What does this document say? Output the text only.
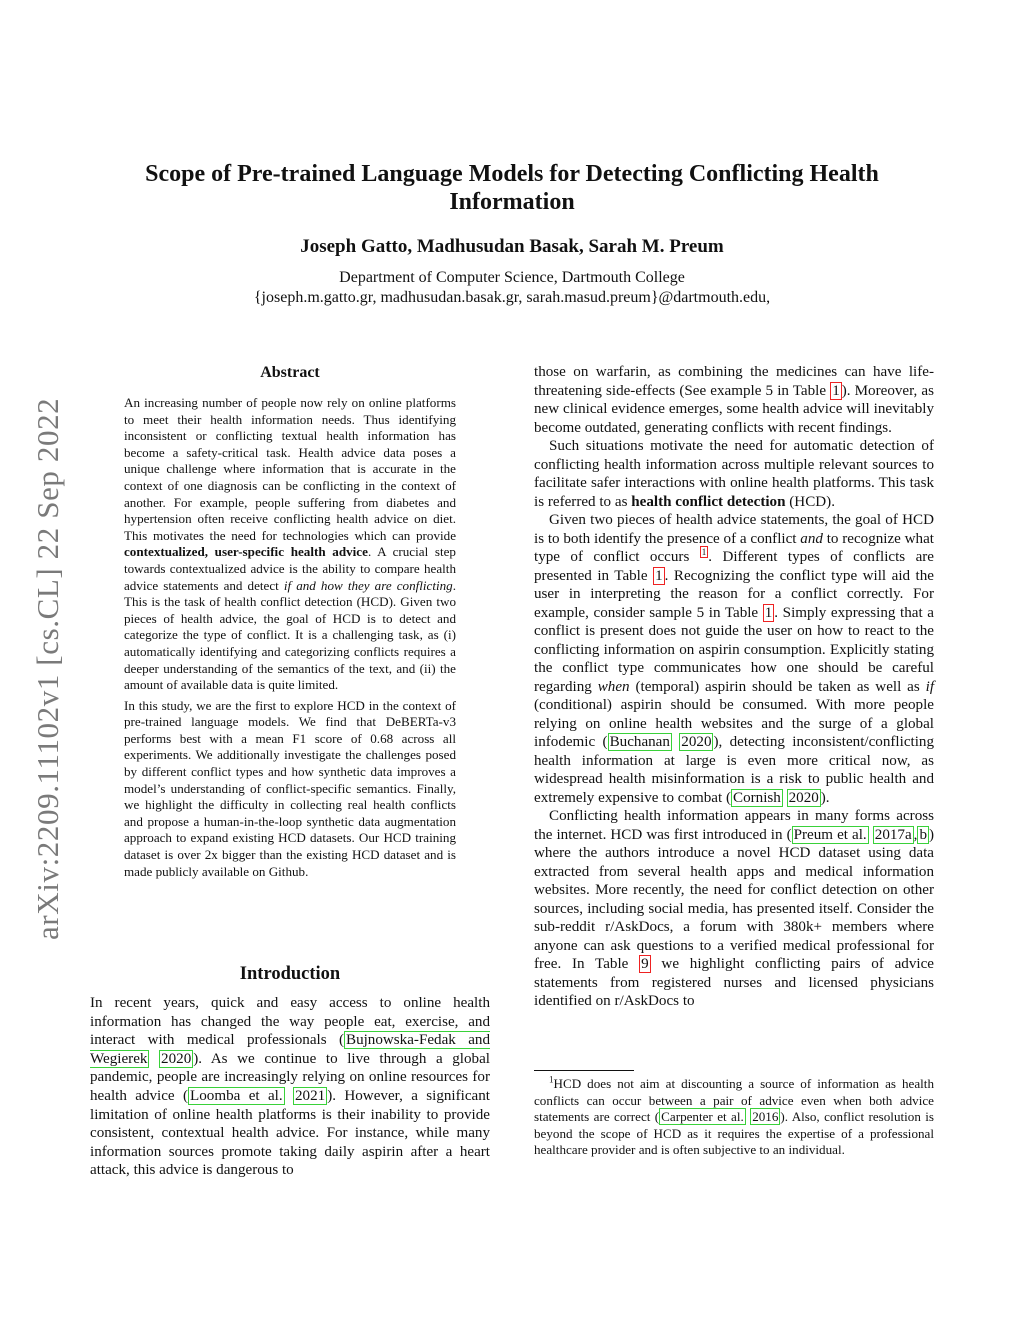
arXiv:2209.11102v1 [cs.CL] 22 Sep 2022
Scope of Pre-trained Language Models for Detecting Conflicting Health
Information
Joseph Gatto, Madhusudan Basak, Sarah M. Preum
Department of Computer Science, Dartmouth College
{joseph.m.gatto.gr, madhusudan.basak.gr, sarah.masud.preum}@dartmouth.edu,
Abstract

An increasing number of people now rely on online platforms to meet their health information needs. Thus identifying inconsistent or conflicting textual health information has become a safety-critical task. Health advice data poses a unique challenge where information that is accurate in the context of one diagnosis can be conflicting in the context of another. For example, people suffering from diabetes and hypertension often receive conflicting health advice on diet. This motivates the need for technologies which can provide contextualized, user-specific health advice. A crucial step towards contextualized advice is the ability to compare health advice statements and detect if and how they are conflicting. This is the task of health conflict detection (HCD). Given two pieces of health advice, the goal of HCD is to detect and categorize the type of conflict. It is a challenging task, as (i) automatically identifying and categorizing conflicts requires a deeper understanding of the semantics of the text, and (ii) the amount of available data is quite limited.

In this study, we are the first to explore HCD in the context of pre-trained language models. We find that DeBERTa-v3 performs best with a mean F1 score of 0.68 across all experiments. We additionally investigate the challenges posed by different conflict types and how synthetic data improves a model’s understanding of conflict-specific semantics. Finally, we highlight the difficulty in collecting real health conflicts and propose a human-in-the-loop synthetic data augmentation approach to expand existing HCD datasets. Our HCD training dataset is over 2x bigger than the existing HCD dataset and is made publicly available on Github.

Introduction

In recent years, quick and easy access to online health information has changed the way people eat, exercise, and interact with medical professionals ( Bujnowska-Fedak and Wegierek 2020 ). As we continue to live through a global pandemic, people are increasingly relying on online resources for health advice ( Loomba et al. 2021 ). However, a significant limitation of online health platforms is their inability to provide consistent, contextual health advice. For instance, while many information sources promote taking daily aspirin after a heart attack, this advice is dangerous to

those on warfarin, as combining the medicines can have life-threatening side-effects (See example 5 in Table 1 ). Moreover, as new clinical evidence emerges, some health advice will inevitably become outdated, generating conflicts with recent findings.

Such situations motivate the need for automatic detection of conflicting health information across multiple relevant sources to facilitate safer interactions with online health platforms. This task is referred to as health conflict detection (HCD).

Given two pieces of health advice statements, the goal of HCD is to both identify the presence of a conflict and to recognize what type of conflict occurs $^1$ . Different types of conflicts are presented in Table 1 . Recognizing the conflict type will aid the user in interpreting the reason for a conflict correctly. For example, consider sample 5 in Table 1 . Simply expressing that a conflict is present does not guide the user on how to react to the conflicting information on aspirin consumption. Explicitly stating the conflict type communicates how one should be careful regarding when (temporal) aspirin should be taken as well as if (conditional) aspirin should be consumed. With more people relying on online health websites and the surge of a global infodemic ( Buchanan 2020 ), detecting inconsistent/conflicting health information at large is even more critical now, as widespread health misinformation is a risk to public health and extremely expensive to combat ( Cornish 2020 ).

Conflicting health information appears in many forms across the internet. HCD was first introduced in ( Preum et al. 2017a , b ) where the authors introduce a novel HCD dataset using data extracted from several health apps and medical information websites. More recently, the need for conflict detection on other sources, including social media, has presented itself. Consider the sub-reddit r/AskDocs, a forum with 380k+ members where anyone can ask questions to a verified medical professional for free. In Table 9 we highlight conflicting pairs of advice statements from registered nurses and licensed physicians identified on r/AskDocs to

$^1$HCD does not aim at discounting a source of information as health conflicts can occur between a pair of advice even when both advice statements are correct ( Carpenter et al. 2016 ). Also, conflict resolution is beyond the scope of HCD as it requires the expertise of a professional healthcare provider and is often subjective to an individual.
